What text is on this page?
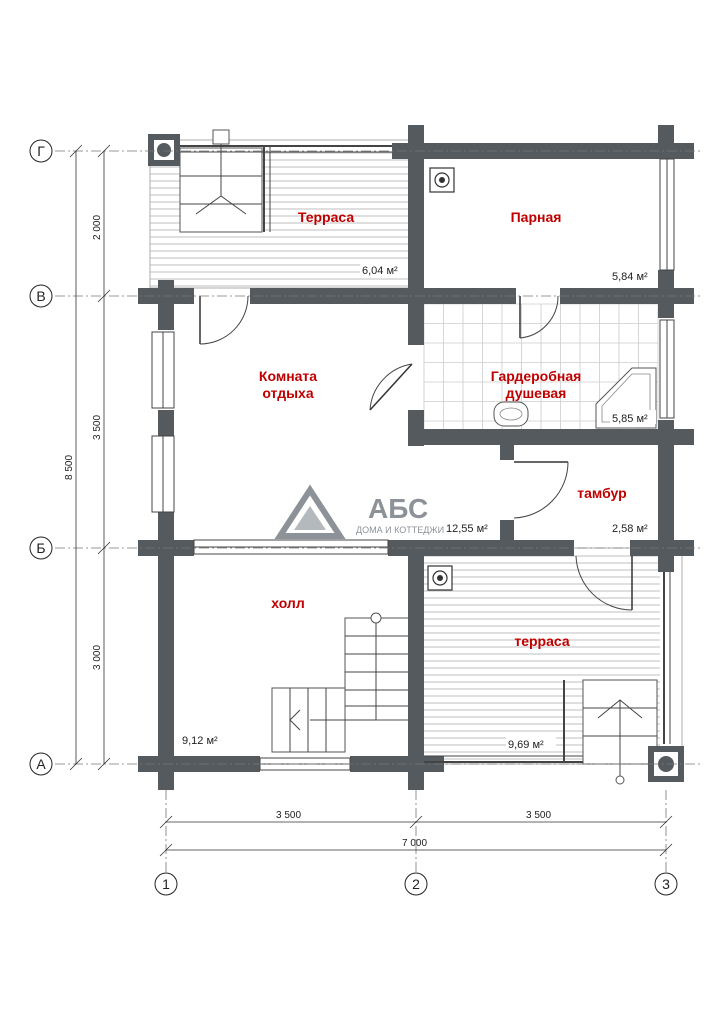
2 000
3 500
3 000
8 500
3 500	3 500
7 000
Г
В
Б
А
1	2	3
АБС
ДОМА И КОТТЕДЖИ
Терраса	Парная
Комната
отдыха
Гардеробная
душевая
тамбур
холл
терраса
6,04 м²	5,84 м²
5,85 м²
12,55 м²	2,58 м²
9,12 м²	9,69 м²
